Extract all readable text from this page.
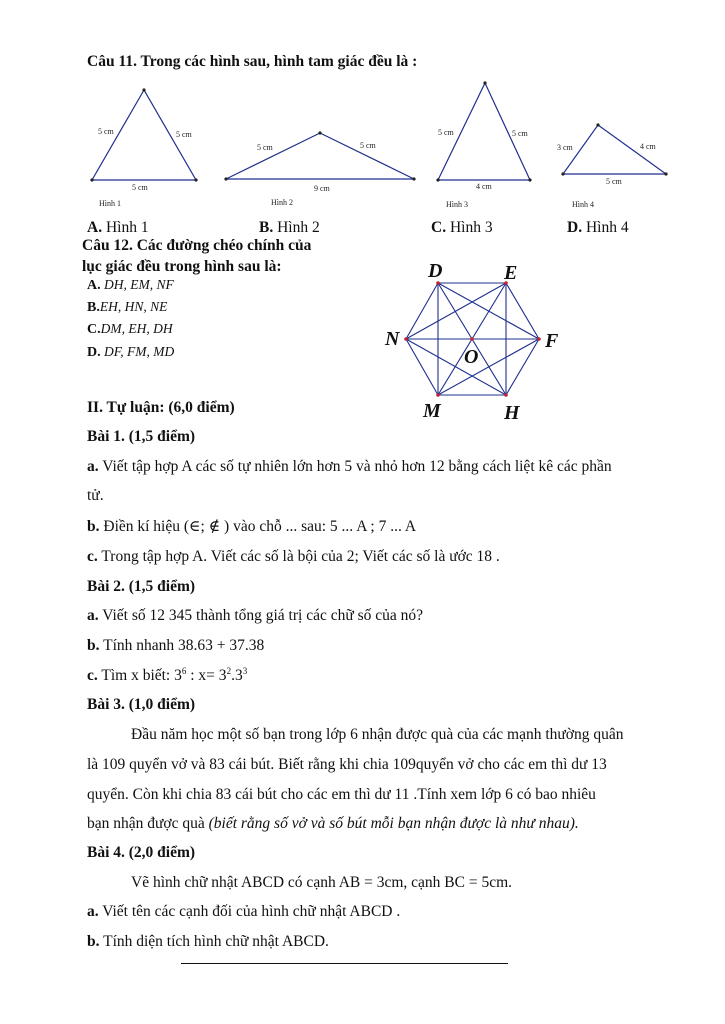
Câu 11. Trong các hình sau, hình tam giác đều là :
5 cm	5 cm
5 cm
Hình 1
5 cm	5 cm
9 cm
Hình 2
5 cm	5 cm
4 cm
Hình 3
3 cm	4 cm
5 cm
Hình 4
A. Hình 1	B. Hình 2	C. Hình 3	D. Hình 4
Câu 12. Các đường chéo chính của
lục giác đều trong hình sau là:
A. DH, EM, NF
B.EH, HN, NE
C.DM, EH, DH
D. DF, FM, MD
D	E
N	F
O
M	H
II. Tự luận: (6,0 điểm)
Bài 1. (1,5 điểm)
a. Viết tập hợp A các số tự nhiên lớn hơn 5 và nhỏ hơn 12 bằng cách liệt kê các phần
tử.
b. Điền kí hiệu (∈; ∉ ) vào chỗ ... sau: 5 ... A ; 7 ... A
c. Trong tập hợp A. Viết các số là bội của 2; Viết các số là ước 18 .
Bài 2. (1,5 điểm)
a. Viết số 12 345 thành tổng giá trị các chữ số của nó?
b. Tính nhanh 38.63 + 37.38
c. Tìm x biết: $3^6$ : $x= 3^2.3^3$
Bài 3. (1,0 điểm)
Đầu năm học một số bạn trong lớp 6 nhận được quà của các mạnh thường quân
là 109 quyển vở và 83 cái bút. Biết rằng khi chia 109quyển vở cho các em thì dư 13
quyển. Còn khi chia 83 cái bút cho các em thì dư 11 .Tính xem lớp 6 có bao nhiêu
bạn nhận được quà (biết rằng số vở và số bút mỗi bạn nhận được là như nhau).
Bài 4. (2,0 điểm)
Vẽ hình chữ nhật ABCD có cạnh AB = 3cm, cạnh BC = 5cm.
a. Viết tên các cạnh đối của hình chữ nhật ABCD .
b. Tính diện tích hình chữ nhật ABCD.
